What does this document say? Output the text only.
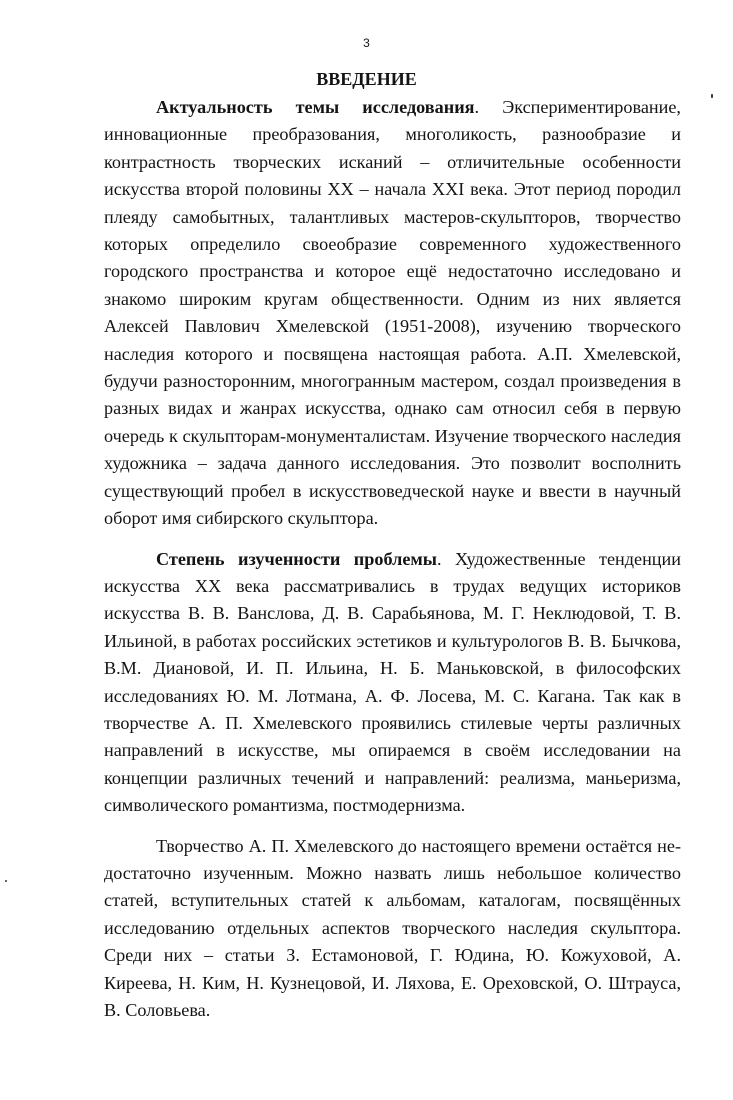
3
ВВЕДЕНИЕ

Актуальность темы исследования. Экспериментирование, инновационные преобразования, многоликость, разнообразие и контрастность творческих исканий – отличительные особенности искусства второй половины XX – начала XXI века. Этот период породил плеяду самобытных, талантливых мастеров-скульпторов, творчество которых определило своеобразие современного художественного городского пространства и которое ещё недостаточно исследовано и знакомо широким кругам общественности. Одним из них является Алексей Павлович Хмелевской (1951-2008), изучению творческого наследия которого и посвящена настоящая работа. А.П. Хмелевской, будучи разносторонним, многогранным мастером, создал произведения в разных видах и жанрах искусства, однако сам относил себя в первую очередь к скульпторам-монументалистам. Изучение творческого наследия художника – задача данного исследования. Это позволит восполнить существующий пробел в искусствоведческой науке и ввести в научный оборот имя сибирского скульптора.

Степень изученности проблемы. Художественные тенденции искусства XX века рассматривались в трудах ведущих историков искусства В. В. Ванслова, Д. В. Сарабьянова, М. Г. Неклюдовой, Т. В. Ильиной, в работах российских эстетиков и культурологов В. В. Бычкова, В.М. Диановой, И. П. Ильина, Н. Б. Маньковской, в философских исследованиях Ю. М. Лотмана, А. Ф. Лосева, М. С. Кагана. Так как в творчестве А. П. Хмелевского проявились стилевые черты различных направлений в искусстве, мы опираемся в своём исследовании на концепции различных течений и направлений: реализма, маньеризма, символического романтизма, постмодернизма.

Творчество А. П. Хмелевского до настоящего времени остаётся недостаточно изученным. Можно назвать лишь небольшое количество статей, вступительных статей к альбомам, каталогам, посвящённых исследованию отдельных аспектов творческого наследия скульптора. Среди них – статьи З. Естамоновой, Г. Юдина, Ю. Кожуховой, А. Киреева, Н. Ким, Н. Кузнецовой, И. Ляхова, Е. Ореховской, О. Штрауса, В. Соловьева.
